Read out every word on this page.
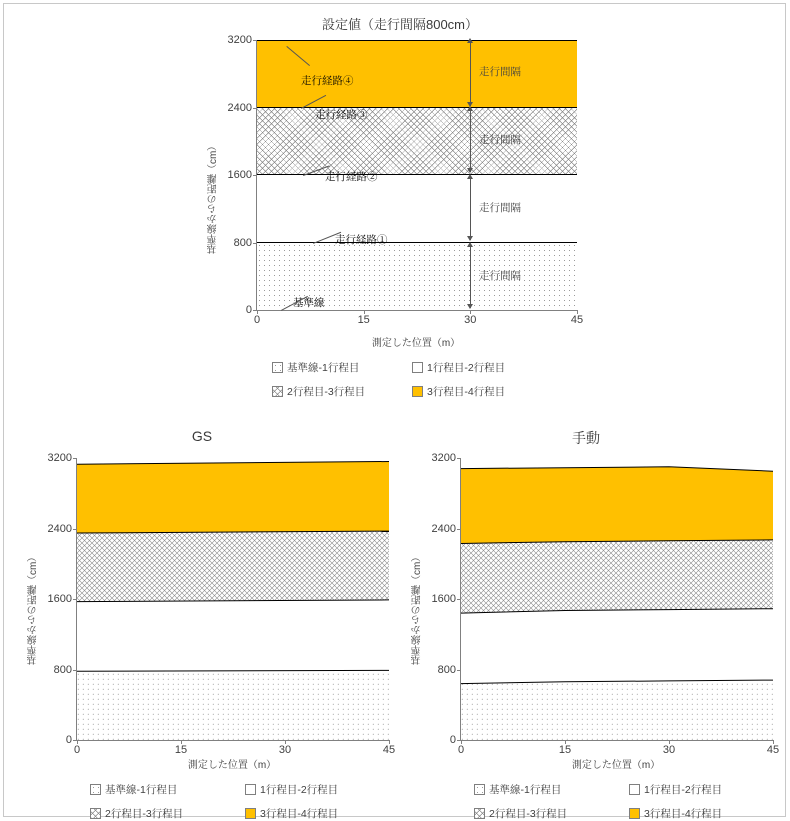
設定値（走行間隔800cm）
基準線からの距離（cm）
0
800
1600
2400
3200
0	15	30	45
走行間隔
走行間隔
走行間隔
走行間隔
走行経路④
走行経路③
走行経路②
走行経路①
基準線
測定した位置（m）
基準線-1行程目	1行程目-2行程目
2行程目-3行程目	3行程目-4行程目
GS
基準線からの距離（cm）
0
800
1600
2400
3200
0	15	30	45
測定した位置（m）
基準線-1行程目	1行程目-2行程目
2行程目-3行程目	3行程目-4行程目
手動
基準線からの距離（cm）
0
800
1600
2400
3200
0	15	30	45
測定した位置（m）
基準線-1行程目	1行程目-2行程目
2行程目-3行程目	3行程目-4行程目
